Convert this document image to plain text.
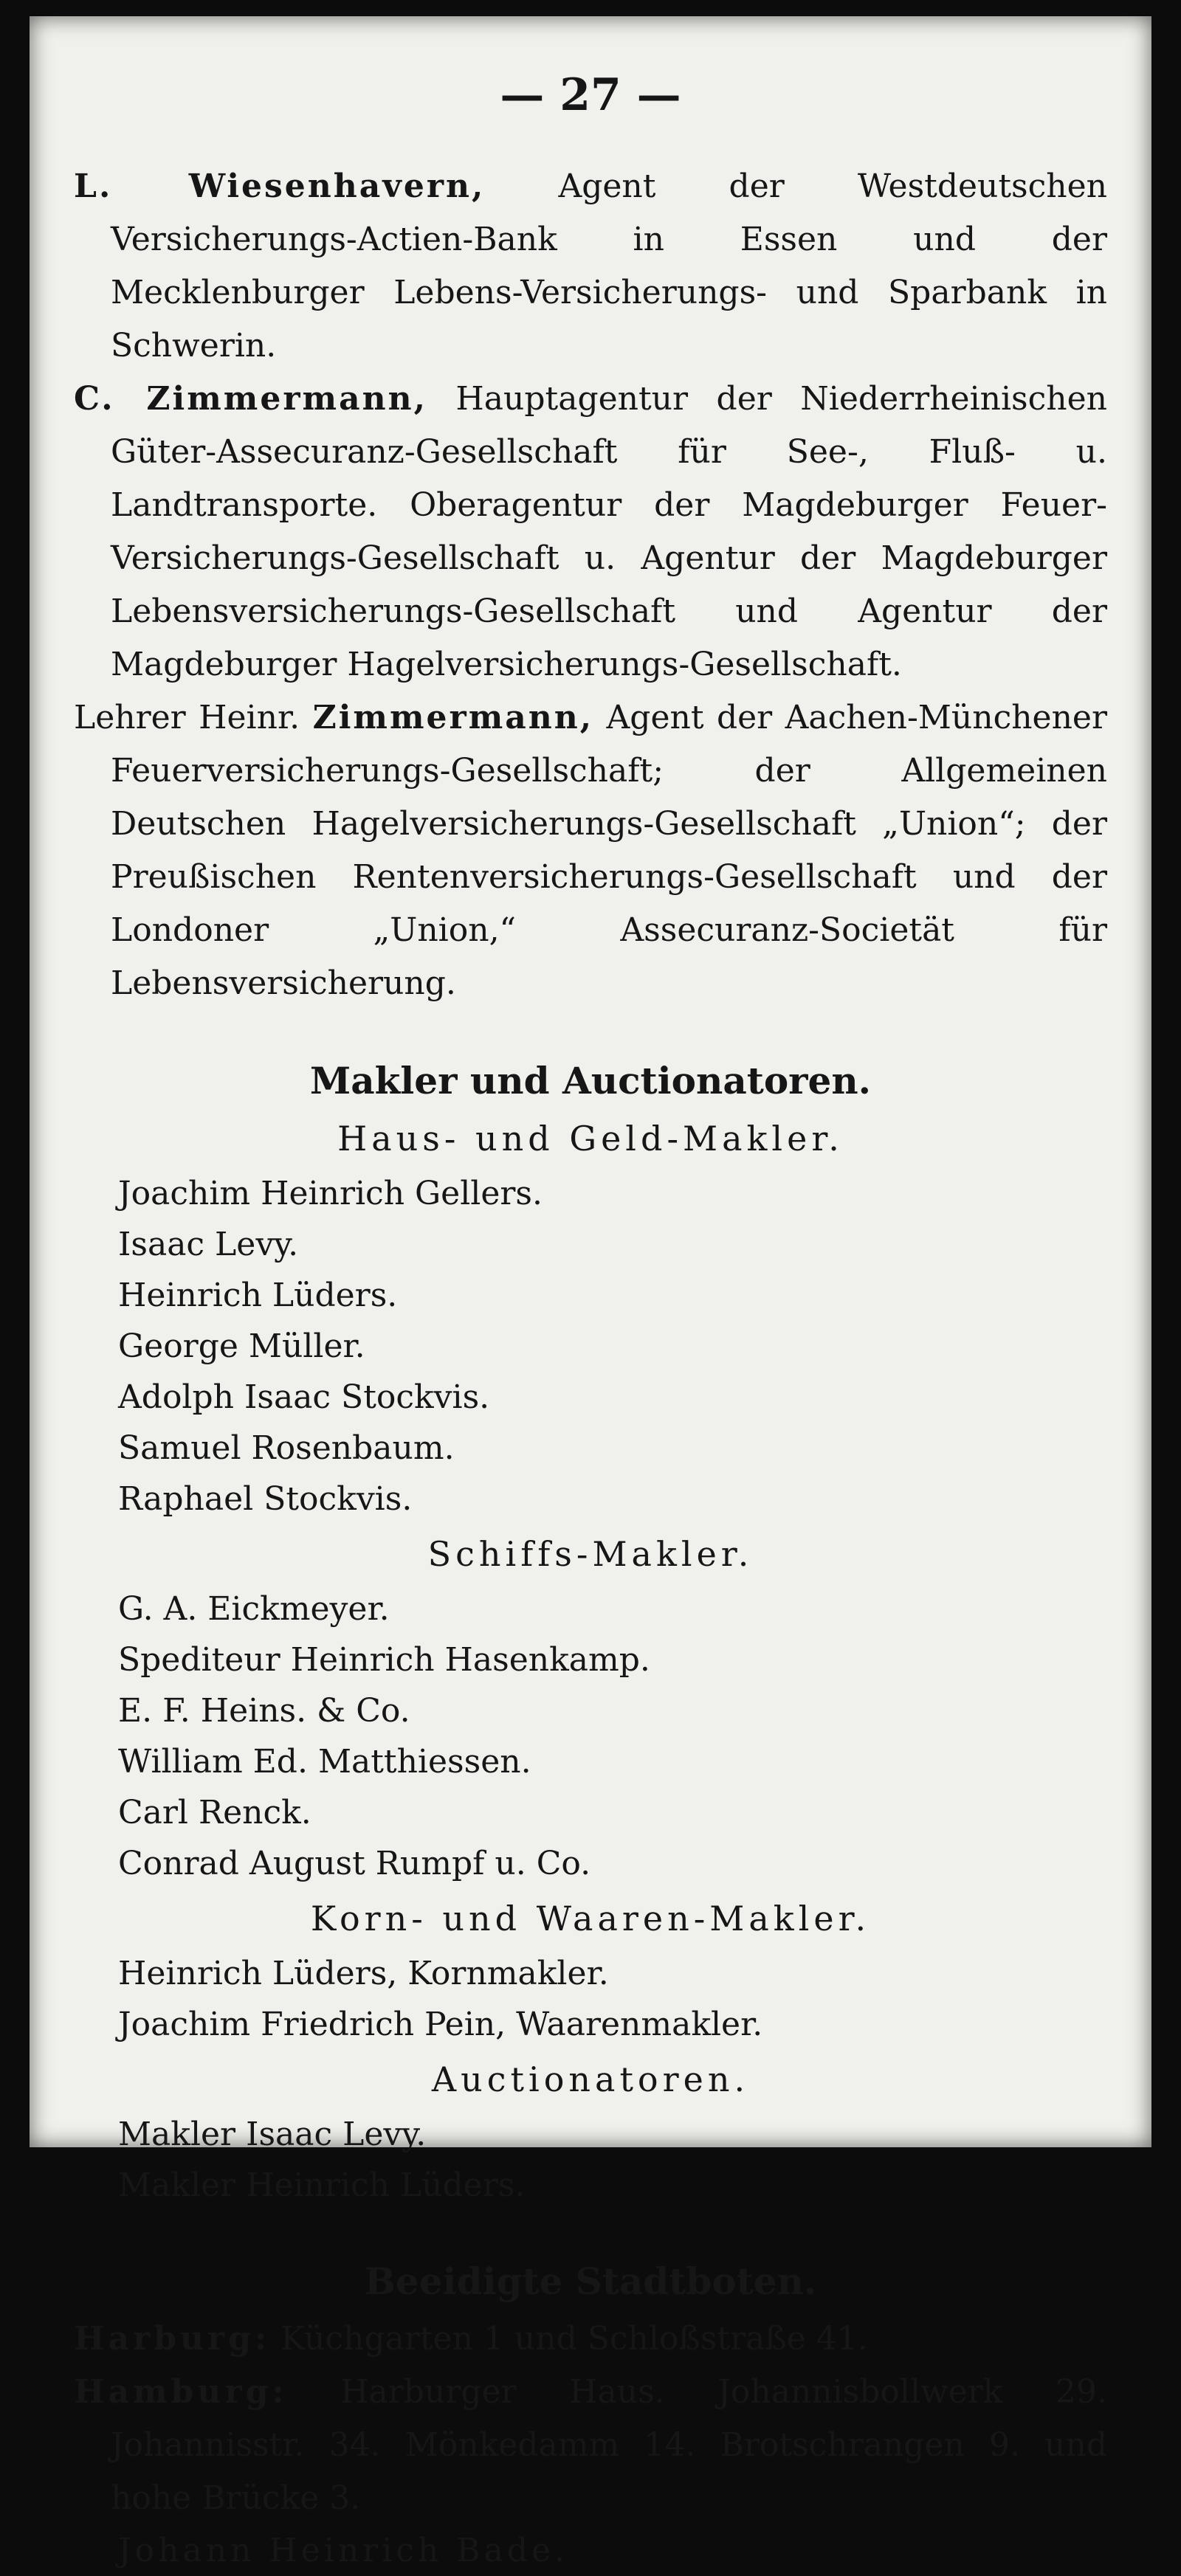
— 27 —

L. Wiesenhavern, Agent der Westdeutschen Versicherungs-Actien-Bank in Essen und der Mecklenburger Lebens-Versicherungs- und Sparbank in Schwerin.

C. Zimmermann, Hauptagentur der Niederrheinischen Güter-Assecuranz-Gesellschaft für See-, Fluß- u. Landtransporte. Oberagentur der Magdeburger Feuer-Versicherungs-Gesellschaft u. Agentur der Magdeburger Lebensversicherungs-Gesellschaft und Agentur der Magdeburger Hagelversicherungs-Gesellschaft.

Lehrer Heinr. Zimmermann, Agent der Aachen-Münchener Feuerversicherungs-Gesellschaft; der Allgemeinen Deutschen Hagelversicherungs-Gesellschaft „Union“; der Preußischen Rentenversicherungs-Gesellschaft und der Londoner „Union,“ Assecuranz-Societät für Lebensversicherung.

Makler und Auctionatoren.
Haus- und Geld-Makler.
Joachim Heinrich Gellers.
Isaac Levy.
Heinrich Lüders.
George Müller.
Adolph Isaac Stockvis.
Samuel Rosenbaum.
Raphael Stockvis.
Schiffs-Makler.
G. A. Eickmeyer.
Spediteur Heinrich Hasenkamp.
E. F. Heins. & Co.
William Ed. Matthiessen.
Carl Renck.
Conrad August Rumpf u. Co.
Korn- und Waaren-Makler.
Heinrich Lüders, Kornmakler.
Joachim Friedrich Pein, Waarenmakler.
Auctionatoren.
Makler Isaac Levy.
Makler Heinrich Lüders.
Beeidigte Stadtboten.

Harburg: Küchgarten 1 und Schloßstraße 41.

Hamburg: Harburger Haus. Johannisbollwerk 29. Johannisstr. 34. Mönkedamm 14. Brotschrangen 9. und hohe Brücke 3.

Johann Heinrich Bade.
